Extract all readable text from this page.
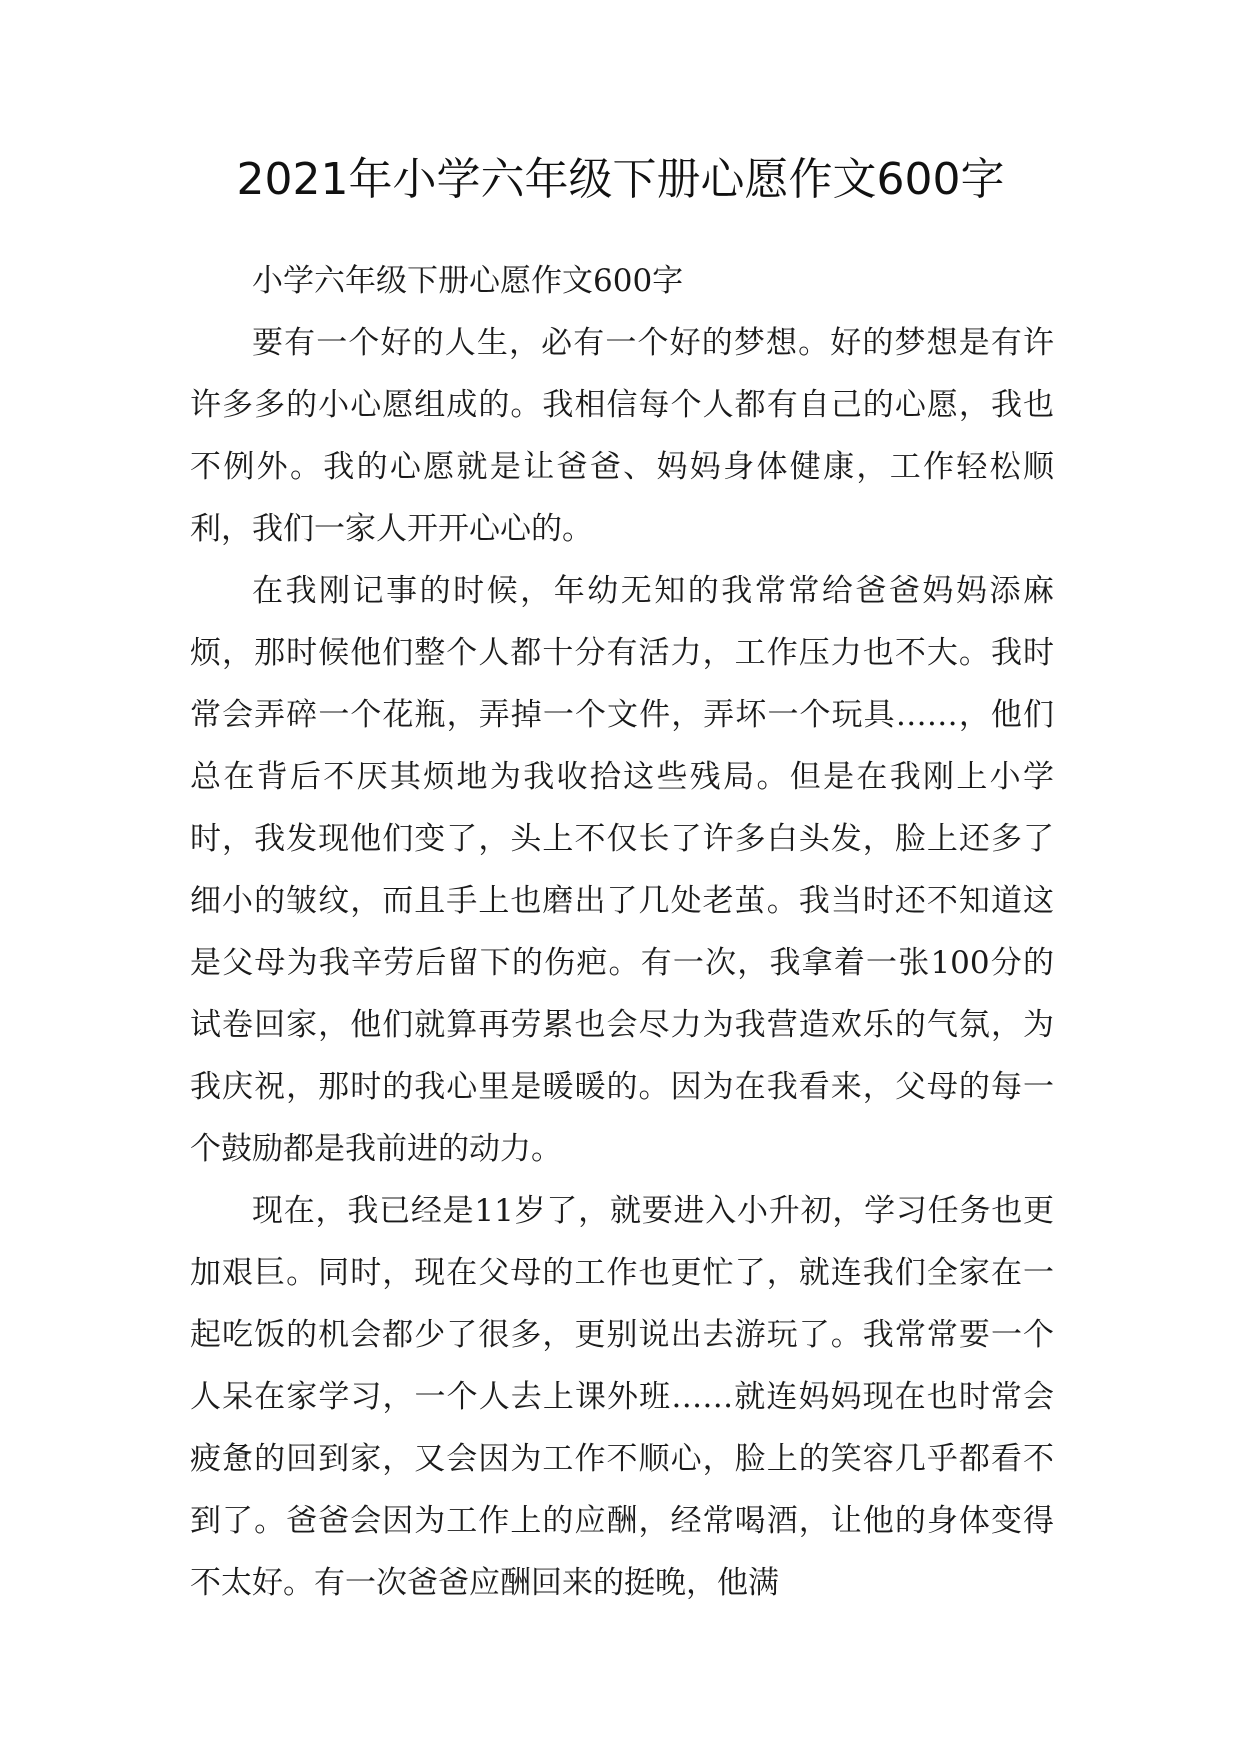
2021年小学六年级下册心愿作文600字

小学六年级下册心愿作文600字

要有一个好的人生，必有一个好的梦想。好的梦想是有许许多多的小心愿组成的。我相信每个人都有自己的心愿，我也不例外。我的心愿就是让爸爸、妈妈身体健康，工作轻松顺利，我们一家人开开心心的。

在我刚记事的时候，年幼无知的我常常给爸爸妈妈添麻烦，那时候他们整个人都十分有活力，工作压力也不大。我时常会弄碎一个花瓶，弄掉一个文件，弄坏一个玩具……，他们总在背后不厌其烦地为我收拾这些残局。但是在我刚上小学时，我发现他们变了，头上不仅长了许多白头发，脸上还多了细小的皱纹，而且手上也磨出了几处老茧。我当时还不知道这是父母为我辛劳后留下的伤疤。有一次，我拿着一张100分的试卷回家，他们就算再劳累也会尽力为我营造欢乐的气氛，为我庆祝，那时的我心里是暖暖的。因为在我看来，父母的每一个鼓励都是我前进的动力。

现在，我已经是11岁了，就要进入小升初，学习任务也更加艰巨。同时，现在父母的工作也更忙了，就连我们全家在一起吃饭的机会都少了很多，更别说出去游玩了。我常常要一个人呆在家学习，一个人去上课外班……就连妈妈现在也时常会疲惫的回到家，又会因为工作不顺心，脸上的笑容几乎都看不到了。爸爸会因为工作上的应酬，经常喝酒，让他的身体变得不太好。有一次爸爸应酬回来的挺晚，他满
